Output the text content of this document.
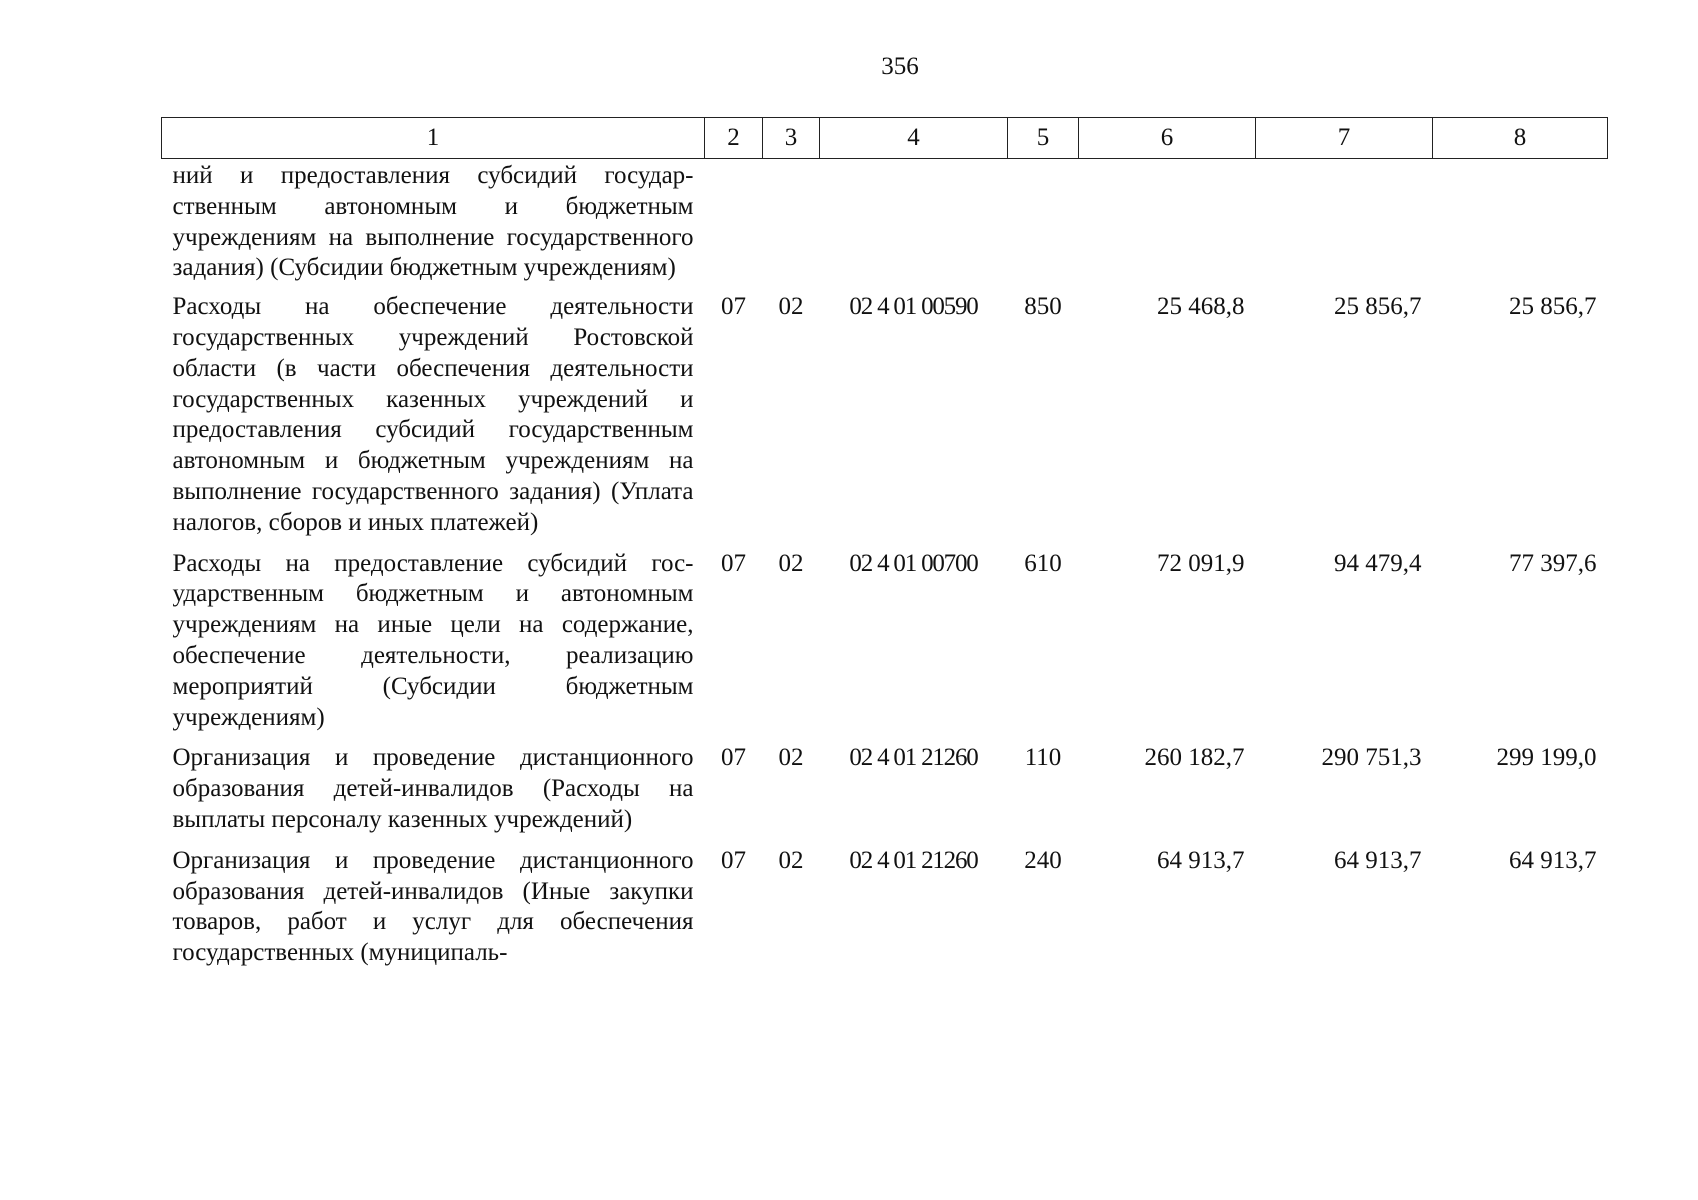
356
1	2	3	4	5	6	7	8
ний и предоставления субсидий государственным автономным и бюджетным учреждениям на выполнение государственного задания) (Субсидии бюджетным учреждениям)							
Расходы на обеспечение деятельности государственных учреждений Ростовской области (в части обеспечения деятельности государственных казенных учреждений и предоставления субсидий государственным автономным и бюджетным учреждениям на выполнение государственного задания) (Уплата налогов, сборов и иных платежей)	07	02	02 4 01 00590	850	25 468,8	25 856,7	25 856,7
Расходы на предоставление субсидий государственным бюджетным и автономным учреждениям на иные цели на содержание, обеспечение деятельности, реализацию мероприятий (Субсидии бюджетным учреждениям)	07	02	02 4 01 00700	610	72 091,9	94 479,4	77 397,6
Организация и проведение дистанционного образования детей-инвалидов (Расходы на выплаты персоналу казенных учреждений)	07	02	02 4 01 21260	110	260 182,7	290 751,3	299 199,0
Организация и проведение дистанционного образования детей-инвалидов (Иные закупки товаров, работ и услуг для обеспечения государственных (муниципаль-	07	02	02 4 01 21260	240	64 913,7	64 913,7	64 913,7
